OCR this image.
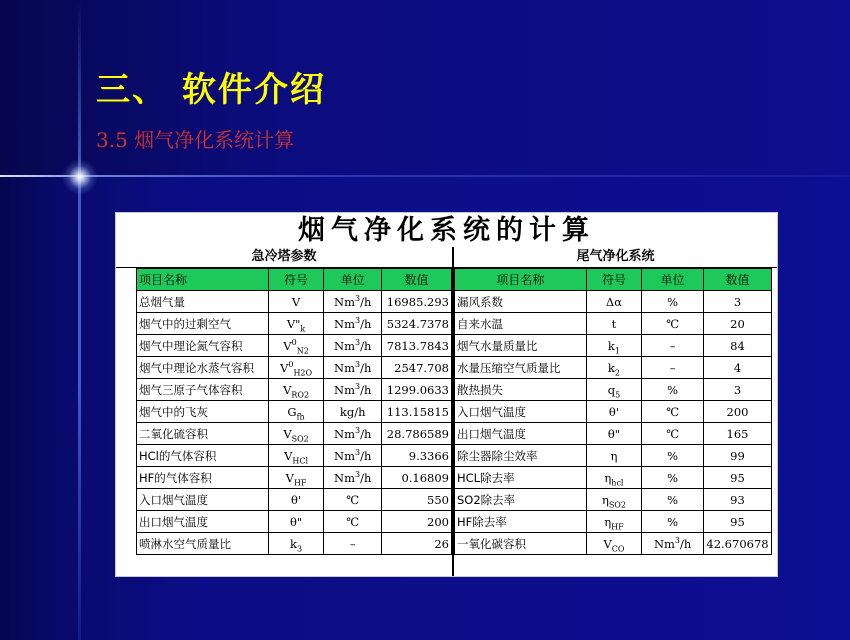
三、 软件介绍
3.5 烟气净化系统计算
烟气净化系统的计算
急冷塔参数	尾气净化系统
项目名称	符号	单位	数值
总烟气量	V	Nm$^3$/h	16985.293
烟气中的过剩空气	$V"_k$	Nm$^3$/h	5324.7378
烟气中理论氮气容积	$V^0_{N2}$	Nm$^3$/h	7813.7843
烟气中理论水蒸气容积	$V^0_{H2O}$	Nm$^3$/h	2547.708
烟气三原子气体容积	$V_{RO2}$	Nm$^3$/h	1299.0633
烟气中的飞灰	$G_{fh}$	kg/h	113.15815
二氧化硫容积	$V_{SO2}$	Nm$^3$/h	28.786589
HCl的气体容积	$V_{HCl}$	Nm$^3$/h	9.3366
HF的气体容积	$V_{HF}$	Nm$^3$/h	0.16809
入口烟气温度	θ'	℃	550
出口烟气温度	θ"	℃	200
喷淋水空气质量比	$k_3$	–	26
项目名称	符号	单位	数值
漏风系数	Δα	%	3
自来水温	t	℃	20
烟气水量质量比	$k_1$	–	84
水量压缩空气质量比	$k_2$	–	4
散热损失	$q_5$	%	3
入口烟气温度	θ'	℃	200
出口烟气温度	θ"	℃	165
除尘器除尘效率	η	%	99
HCL除去率	$\eta_{hcl}$	%	95
SO2除去率	$\eta_{SO2}$	%	93
HF除去率	$\eta_{HF}$	%	95
一氧化碳容积	$V_{CO}$	Nm$^3$/h	42.670678
